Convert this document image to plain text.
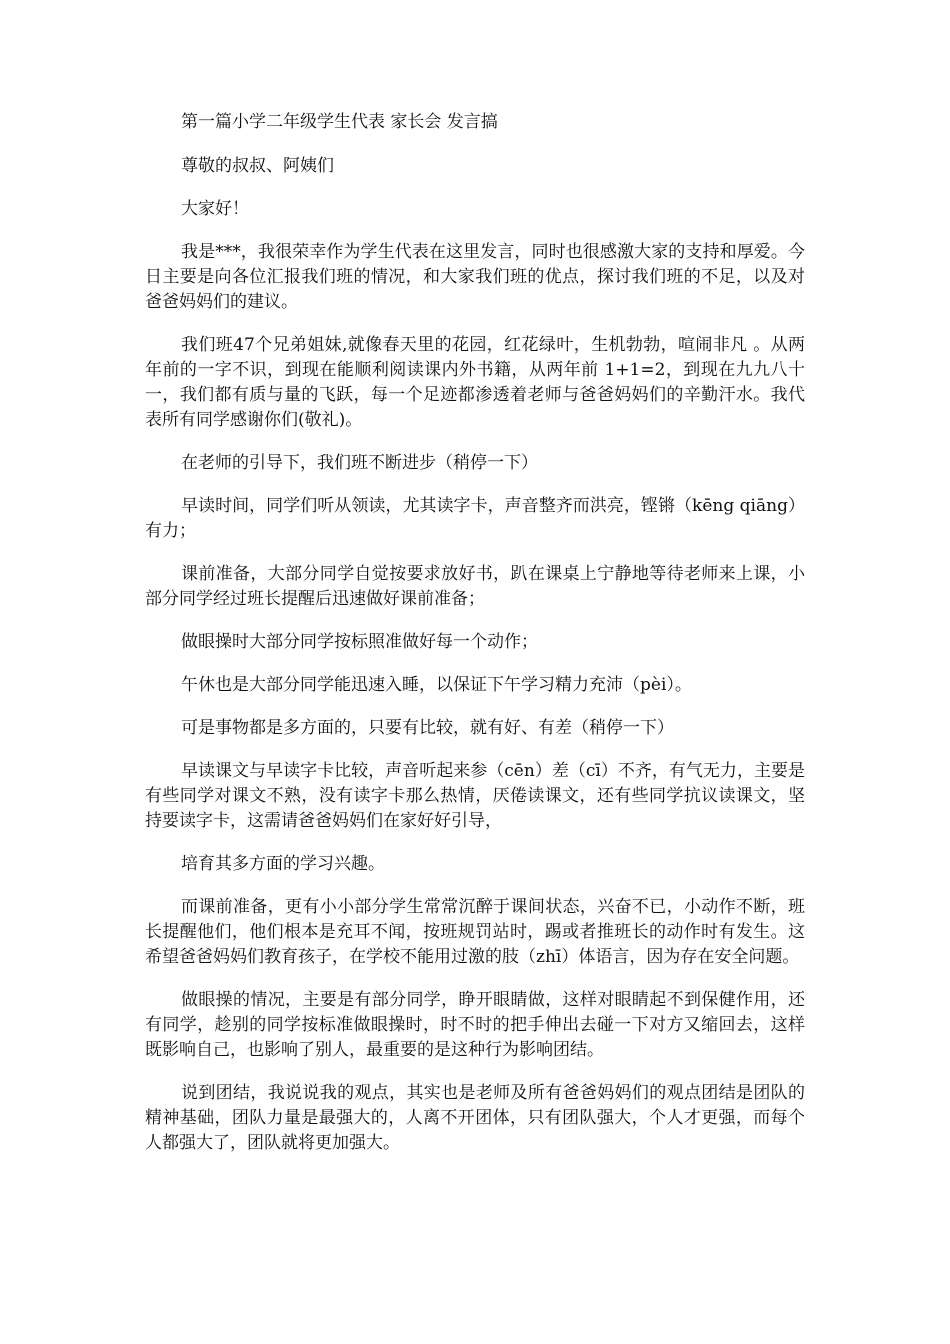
第一篇小学二年级学生代表 家长会 发言搞

尊敬的叔叔、阿姨们

大家好！

我是***，我很荣幸作为学生代表在这里发言，同时也很感激大家的支持和厚爱。今日主要是向各位汇报我们班的情况，和大家我们班的优点，探讨我们班的不足，以及对爸爸妈妈们的建议。

我们班47个兄弟姐妹,就像春天里的花园，红花绿叶，生机勃勃，喧闹非凡 。从两年前的一字不识，到现在能顺利阅读课内外书籍，从两年前 1+1=2，到现在九九八十一，我们都有质与量的飞跃，每一个足迹都渗透着老师与爸爸妈妈们的辛勤汗水。我代表所有同学感谢你们(敬礼)。

在老师的引导下，我们班不断进步（稍停一下）

早读时间，同学们听从领读，尤其读字卡，声音整齐而洪亮，铿锵（kēng qiāng）有力；

课前准备，大部分同学自觉按要求放好书，趴在课桌上宁静地等待老师来上课，小部分同学经过班长提醒后迅速做好课前准备；

做眼操时大部分同学按标照准做好每一个动作；

午休也是大部分同学能迅速入睡，以保证下午学习精力充沛（pèi）。

可是事物都是多方面的，只要有比较，就有好、有差（稍停一下）

早读课文与早读字卡比较，声音听起来参（cēn）差（cī）不齐，有气无力，主要是有些同学对课文不熟，没有读字卡那么热情，厌倦读课文，还有些同学抗议读课文，坚持要读字卡，这需请爸爸妈妈们在家好好引导，

培育其多方面的学习兴趣。

而课前准备，更有小小部分学生常常沉醉于课间状态，兴奋不已，小动作不断，班长提醒他们，他们根本是充耳不闻，按班规罚站时，踢或者推班长的动作时有发生。这希望爸爸妈妈们教育孩子，在学校不能用过激的肢（zhī）体语言，因为存在安全问题。

做眼操的情况，主要是有部分同学，睁开眼睛做，这样对眼睛起不到保健作用，还有同学，趁别的同学按标准做眼操时，时不时的把手伸出去碰一下对方又缩回去，这样既影响自己，也影响了别人，最重要的是这种行为影响团结。

说到团结，我说说我的观点，其实也是老师及所有爸爸妈妈们的观点团结是团队的精神基础，团队力量是最强大的，人离不开团体，只有团队强大，个人才更强，而每个人都强大了，团队就将更加强大。
